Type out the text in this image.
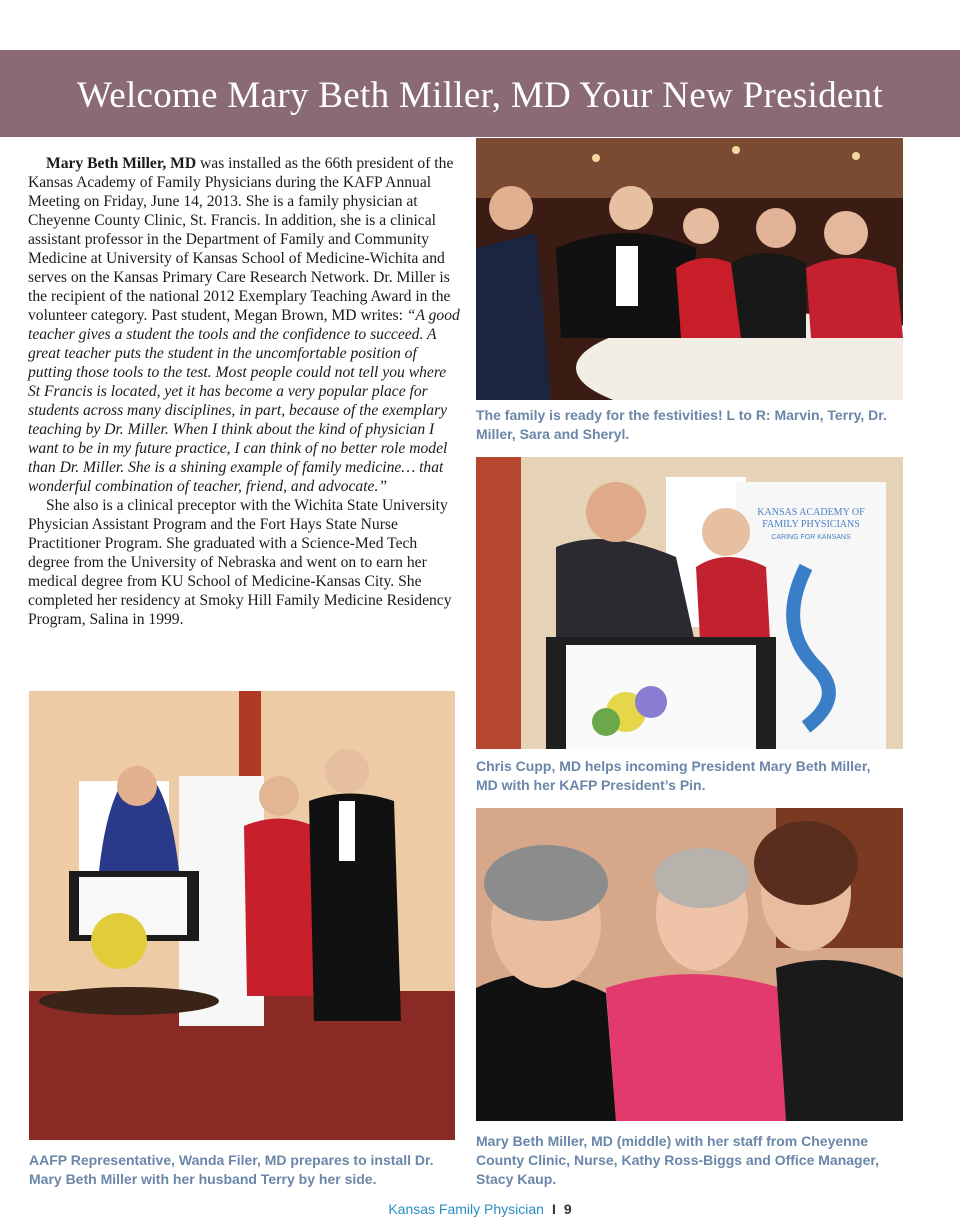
Welcome Mary Beth Miller, MD Your New President

Mary Beth Miller, MD was installed as the 66th president of the Kansas Academy of Family Physicians during the KAFP Annual Meeting on Friday, June 14, 2013. She is a family physician at Cheyenne County Clinic, St. Francis. In addition, she is a clinical assistant professor in the Department of Family and Community Medicine at University of Kansas School of Medicine-Wichita and serves on the Kansas Primary Care Research Network. Dr. Miller is the recipient of the national 2012 Exemplary Teaching Award in the volunteer category. Past student, Megan Brown, MD writes: “A good teacher gives a student the tools and the confidence to succeed. A great teacher puts the student in the uncomfortable position of putting those tools to the test. Most people could not tell you where St Francis is located, yet it has become a very popular place for students across many disciplines, in part, because of the exemplary teaching by Dr. Miller. When I think about the kind of physician I want to be in my future practice, I can think of no better role model than Dr. Miller. She is a shining example of family medicine… that wonderful combination of teacher, friend, and advocate.”

She also is a clinical preceptor with the Wichita State University Physician Assistant Program and the Fort Hays State Nurse Practitioner Program. She graduated with a Science-Med Tech degree from the University of Nebraska and went on to earn her medical degree from KU School of Medicine-Kansas City. She completed her residency at Smoky Hill Family Medicine Residency Program, Salina in 1999.

The family is ready for the festivities! L to R: Marvin, Terry, Dr. Miller, Sara and Sheryl.
KANSAS ACADEMY OF
FAMILY PHYSICIANS
CARING FOR KANSANS
Chris Cupp, MD helps incoming President Mary Beth Miller, MD with her KAFP President’s Pin.
Mary Beth Miller, MD (middle) with her staff from Cheyenne County Clinic, Nurse, Kathy Ross-Biggs and Office Manager, Stacy Kaup.
AAFP Representative, Wanda Filer, MD prepares to install Dr. Mary Beth Miller with her husband Terry by her side.
Kansas Family Physician I 9
